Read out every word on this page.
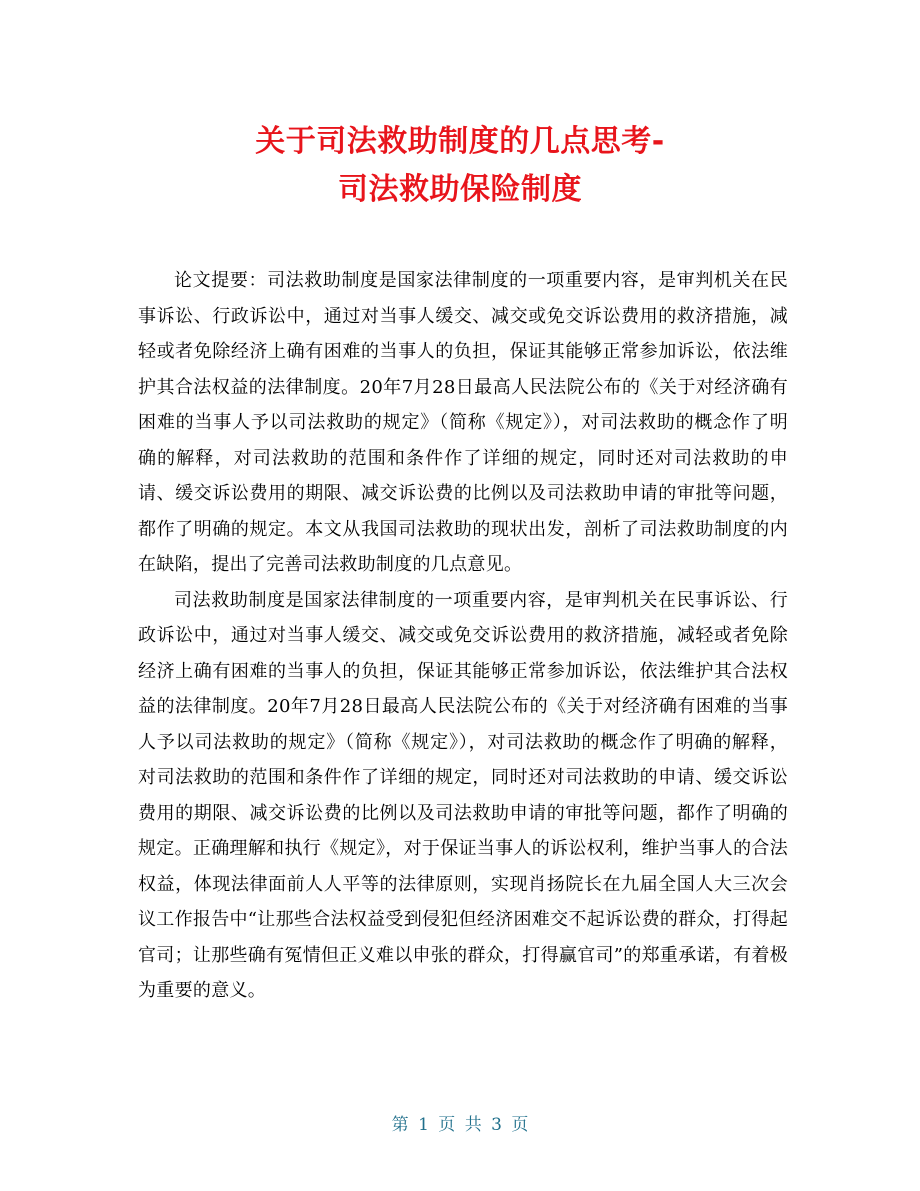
关于司法救助制度的几点思考-
司法救助保险制度

论文提要：司法救助制度是国家法律制度的一项重要内容，是审判机关在民事诉讼、行政诉讼中，通过对当事人缓交、减交或免交诉讼费用的救济措施，减轻或者免除经济上确有困难的当事人的负担，保证其能够正常参加诉讼，依法维护其合法权益的法律制度。20年7月28日最高人民法院公布的《关于对经济确有困难的当事人予以司法救助的规定》（简称《规定》），对司法救助的概念作了明确的解释，对司法救助的范围和条件作了详细的规定，同时还对司法救助的申请、缓交诉讼费用的期限、减交诉讼费的比例以及司法救助申请的审批等问题，都作了明确的规定。本文从我国司法救助的现状出发，剖析了司法救助制度的内在缺陷，提出了完善司法救助制度的几点意见。

司法救助制度是国家法律制度的一项重要内容，是审判机关在民事诉讼、行政诉讼中，通过对当事人缓交、减交或免交诉讼费用的救济措施，减轻或者免除经济上确有困难的当事人的负担，保证其能够正常参加诉讼，依法维护其合法权益的法律制度。20年7月28日最高人民法院公布的《关于对经济确有困难的当事人予以司法救助的规定》（简称《规定》），对司法救助的概念作了明确的解释，对司法救助的范围和条件作了详细的规定，同时还对司法救助的申请、缓交诉讼费用的期限、减交诉讼费的比例以及司法救助申请的审批等问题，都作了明确的规定。正确理解和执行《规定》，对于保证当事人的诉讼权利，维护当事人的合法权益，体现法律面前人人平等的法律原则，实现肖扬院长在九届全国人大三次会议工作报告中“让那些合法权益受到侵犯但经济困难交不起诉讼费的群众，打得起官司；让那些确有冤情但正义难以申张的群众，打得赢官司”的郑重承诺，有着极为重要的意义。

第 1 页 共 3 页
